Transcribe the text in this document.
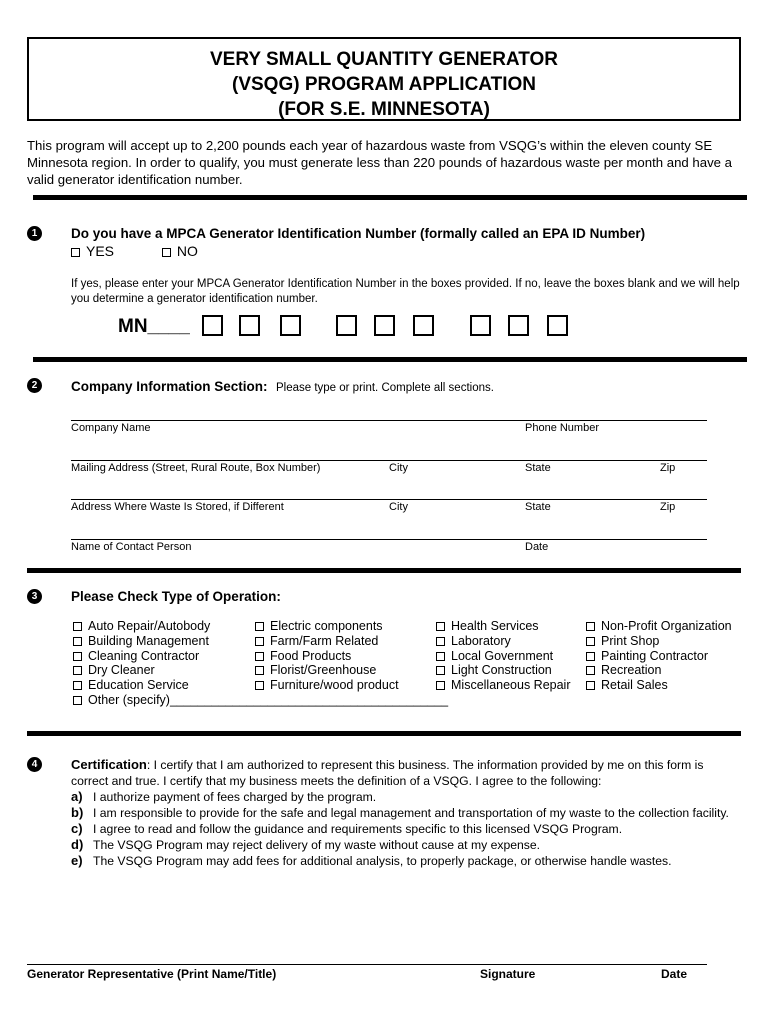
VERY SMALL QUANTITY GENERATOR
(VSQG) PROGRAM APPLICATION
(FOR S.E. MINNESOTA)
This program will accept up to 2,200 pounds each year of hazardous waste from VSQG’s within the eleven county SE Minnesota region. In order to qualify, you must generate less than 220 pounds of hazardous waste per month and have a valid generator identification number.
1	Do you have a MPCA Generator Identification Number (formally called an EPA ID Number)
YES	NO
If yes, please enter your MPCA Generator Identification Number in the boxes provided. If no, leave the boxes blank and we will help you determine a generator identification number.
MN____
2	Company Information Section: Please type or print. Complete all sections.
Company Name	Phone Number
Mailing Address (Street, Rural Route, Box Number)	City	State	Zip
Address Where Waste Is Stored, if Different	City	State	Zip
Name of Contact Person	Date
3	Please Check Type of Operation:
Auto Repair/Autobody
Building Management
Cleaning Contractor
Dry Cleaner
Education Service
Other (specify)________________________________________
Electric components
Farm/Farm Related
Food Products
Florist/Greenhouse
Furniture/wood product
Health Services
Laboratory
Local Government
Light Construction
Miscellaneous Repair
Non-Profit Organization
Print Shop
Painting Contractor
Recreation
Retail Sales
4	Certification: I certify that I am authorized to represent this business. The information provided by me on this form is correct and true. I certify that my business meets the definition of a VSQG. I agree to the following:
a) I authorize payment of fees charged by the program.
b) I am responsible to provide for the safe and legal management and transportation of my waste to the collection facility.
c) I agree to read and follow the guidance and requirements specific to this licensed VSQG Program.
d) The VSQG Program may reject delivery of my waste without cause at my expense.
e) The VSQG Program may add fees for additional analysis, to properly package, or otherwise handle wastes.
Generator Representative (Print Name/Title)	Signature	Date
